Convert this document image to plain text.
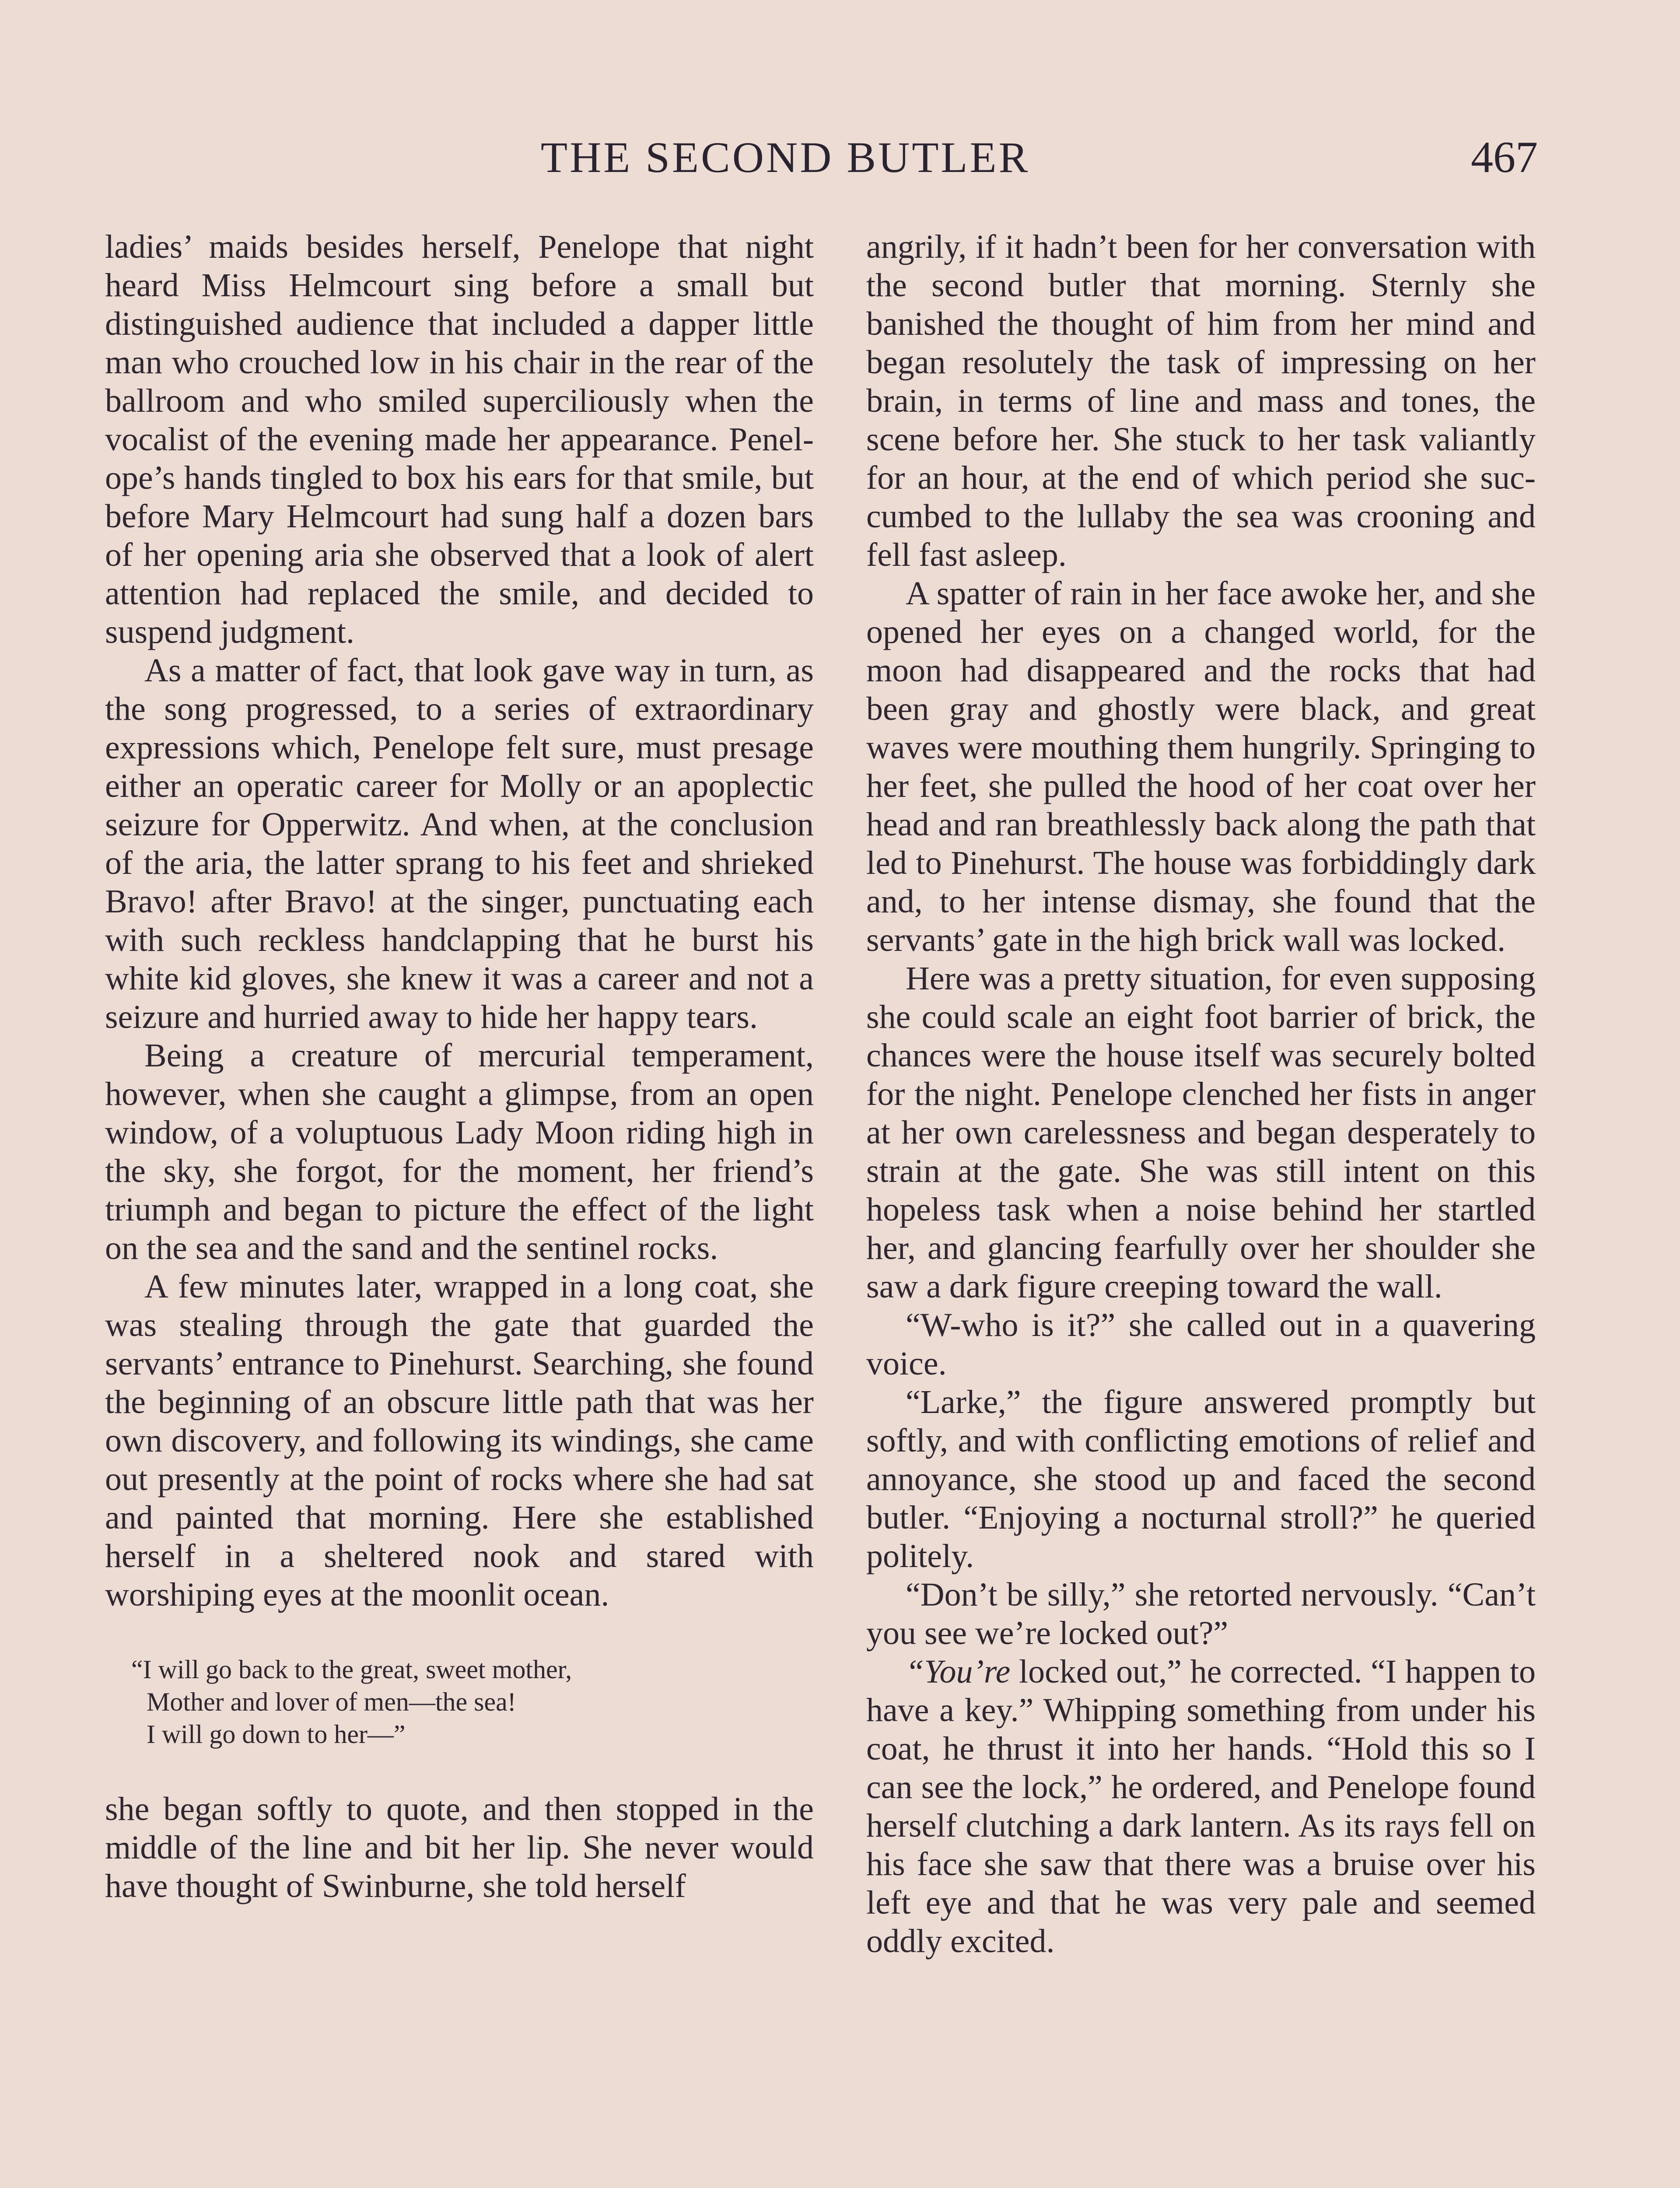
THE SECOND BUTLER	467

ladies’ maids besides herself, Penelope that night heard Miss Helmcourt sing before a small but distinguished audience that included a dapper little man who crouched low in his chair in the rear of the ballroom and who smiled superciliously when the vocalist of the evening made her appearance. Penelope’s hands tingled to box his ears for that smile, but before Mary Helmcourt had sung half a dozen bars of her opening aria she observed that a look of alert attention had replaced the smile, and decided to suspend judgment.

As a matter of fact, that look gave way in turn, as the song progressed, to a series of extraordinary expressions which, Penelope felt sure, must presage either an operatic career for Molly or an apoplectic seizure for Opperwitz. And when, at the conclusion of the aria, the latter sprang to his feet and shrieked Bravo! after Bravo! at the singer, punctuating each with such reckless handclapping that he burst his white kid gloves, she knew it was a career and not a seizure and hurried away to hide her happy tears.

Being a creature of mercurial temperament, however, when she caught a glimpse, from an open window, of a voluptuous Lady Moon riding high in the sky, she forgot, for the moment, her friend’s triumph and began to picture the effect of the light on the sea and the sand and the sentinel rocks.

A few minutes later, wrapped in a long coat, she was stealing through the gate that guarded the servants’ entrance to Pinehurst. Searching, she found the beginning of an obscure little path that was her own discovery, and following its windings, she came out presently at the point of rocks where she had sat and painted that morning. Here she established herself in a sheltered nook and stared with worshiping eyes at the moonlit ocean.

“I will go back to the great, sweet mother,
Mother and lover of men—the sea!
I will go down to her—”

she began softly to quote, and then stopped in the middle of the line and bit her lip. She never would have thought of Swinburne, she told herself

angrily, if it hadn’t been for her conversation with the second butler that morning. Sternly she banished the thought of him from her mind and began resolutely the task of impressing on her brain, in terms of line and mass and tones, the scene before her. She stuck to her task valiantly for an hour, at the end of which period she succumbed to the lullaby the sea was crooning and fell fast asleep.

A spatter of rain in her face awoke her, and she opened her eyes on a changed world, for the moon had disappeared and the rocks that had been gray and ghostly were black, and great waves were mouthing them hungrily. Springing to her feet, she pulled the hood of her coat over her head and ran breathlessly back along the path that led to Pinehurst. The house was forbiddingly dark and, to her intense dismay, she found that the servants’ gate in the high brick wall was locked.

Here was a pretty situation, for even supposing she could scale an eight foot barrier of brick, the chances were the house itself was securely bolted for the night. Penelope clenched her fists in anger at her own carelessness and began desperately to strain at the gate. She was still intent on this hopeless task when a noise behind her startled her, and glancing fearfully over her shoulder she saw a dark figure creeping toward the wall.

“W-who is it?” she called out in a quavering voice.

“Larke,” the figure answered promptly but softly, and with conflicting emotions of relief and annoyance, she stood up and faced the second butler. “Enjoying a nocturnal stroll?” he queried politely.

“Don’t be silly,” she retorted nervously. “Can’t you see we’re locked out?”

“You’re locked out,” he corrected. “I happen to have a key.” Whipping something from under his coat, he thrust it into her hands. “Hold this so I can see the lock,” he ordered, and Penelope found herself clutching a dark lantern. As its rays fell on his face she saw that there was a bruise over his left eye and that he was very pale and seemed oddly excited.
